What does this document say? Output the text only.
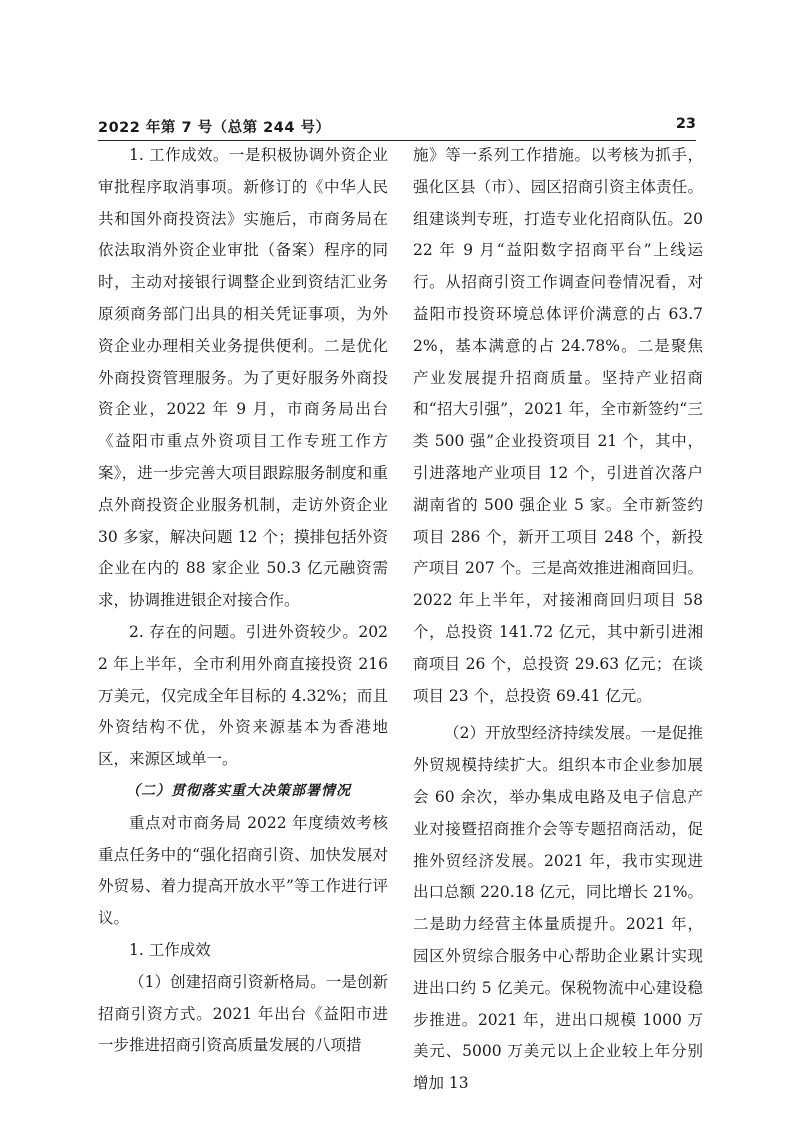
2022 年第 7 号（总第 244 号）	23

1. 工作成效。一是积极协调外资企业审批程序取消事项。新修订的《中华人民共和国外商投资法》实施后，市商务局在依法取消外资企业审批（备案）程序的同时，主动对接银行调整企业到资结汇业务原须商务部门出具的相关凭证事项，为外资企业办理相关业务提供便利。二是优化外商投资管理服务。为了更好服务外商投资企业，2022 年 9 月，市商务局出台《益阳市重点外资项目工作专班工作方案》，进一步完善大项目跟踪服务制度和重点外商投资企业服务机制，走访外资企业 30 多家，解决问题 12 个；摸排包括外资企业在内的 88 家企业 50.3 亿元融资需求，协调推进银企对接合作。

2. 存在的问题。引进外资较少。2022 年上半年，全市利用外商直接投资 216 万美元，仅完成全年目标的 4.32%；而且外资结构不优，外资来源基本为香港地区，来源区域单一。

（二）贯彻落实重大决策部署情况

重点对市商务局 2022 年度绩效考核重点任务中的“强化招商引资、加快发展对外贸易、着力提高开放水平”等工作进行评议。

1. 工作成效

（1）创建招商引资新格局。一是创新招商引资方式。2021 年出台《益阳市进一步推进招商引资高质量发展的八项措

施》等一系列工作措施。以考核为抓手，强化区县（市）、园区招商引资主体责任。组建谈判专班，打造专业化招商队伍。2022 年 9 月“益阳数字招商平台”上线运行。从招商引资工作调查问卷情况看，对益阳市投资环境总体评价满意的占 63.72%，基本满意的占 24.78%。二是聚焦产业发展提升招商质量。坚持产业招商和“招大引强”，2021 年，全市新签约“三类 500 强”企业投资项目 21 个，其中，引进落地产业项目 12 个，引进首次落户湖南省的 500 强企业 5 家。全市新签约项目 286 个，新开工项目 248 个，新投产项目 207 个。三是高效推进湘商回归。2022 年上半年，对接湘商回归项目 58 个，总投资 141.72 亿元，其中新引进湘商项目 26 个，总投资 29.63 亿元；在谈项目 23 个，总投资 69.41 亿元。

（2）开放型经济持续发展。一是促推外贸规模持续扩大。组织本市企业参加展会 60 余次，举办集成电路及电子信息产业对接暨招商推介会等专题招商活动，促推外贸经济发展。2021 年，我市实现进出口总额 220.18 亿元，同比增长 21%。二是助力经营主体量质提升。2021 年，园区外贸综合服务中心帮助企业累计实现进出口约 5 亿美元。保税物流中心建设稳步推进。2021 年，进出口规模 1000 万美元、5000 万美元以上企业较上年分别增加 13
